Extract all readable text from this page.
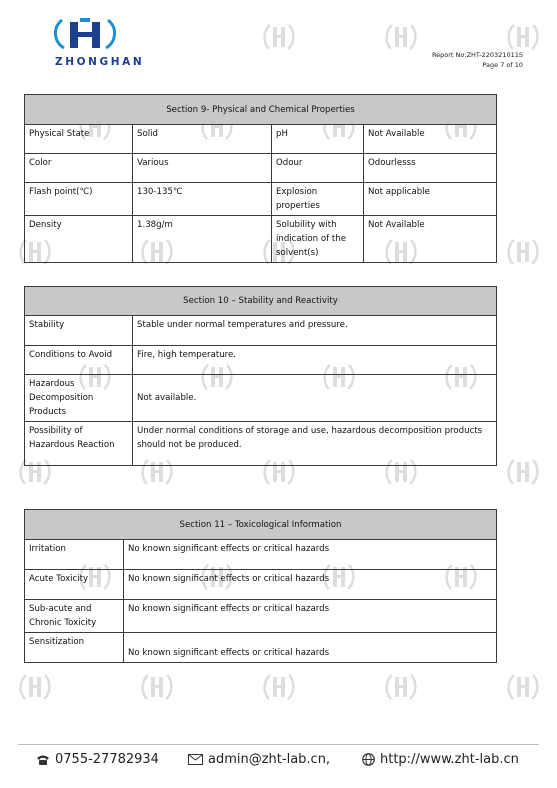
ZHONGHAN
Report No:ZHT-220321011S
Page 7 of 10
Section 9- Physical and Chemical Properties			
Physical State	Solid	pH	Not Available
Color	Various	Odour	Odourlesss
Flash point(℃)	130-135℃	Explosion properties	Not applicable
Density	1.38g/m	Solubility with indication of the solvent(s)	Not Available
Section 10 – Stability and Reactivity	
Stability	Stable under normal temperatures and pressure.
Conditions to Avoid	Fire, high temperature.
Hazardous Decomposition Products	Not available.
Possibility of Hazardous Reaction	Under normal conditions of storage and use, hazardous decomposition products should not be produced.
Section 11 – Toxicological Information	
Irritation	No known significant effects or critical hazards
Acute Toxicity	No known significant effects or critical hazards
Sub-acute and Chronic Toxicity	No known significant effects or critical hazards
Sensitization	No known significant effects or critical hazards
0755-27782934	admin@zht-lab.cn,	http://www.zht-lab.cn
